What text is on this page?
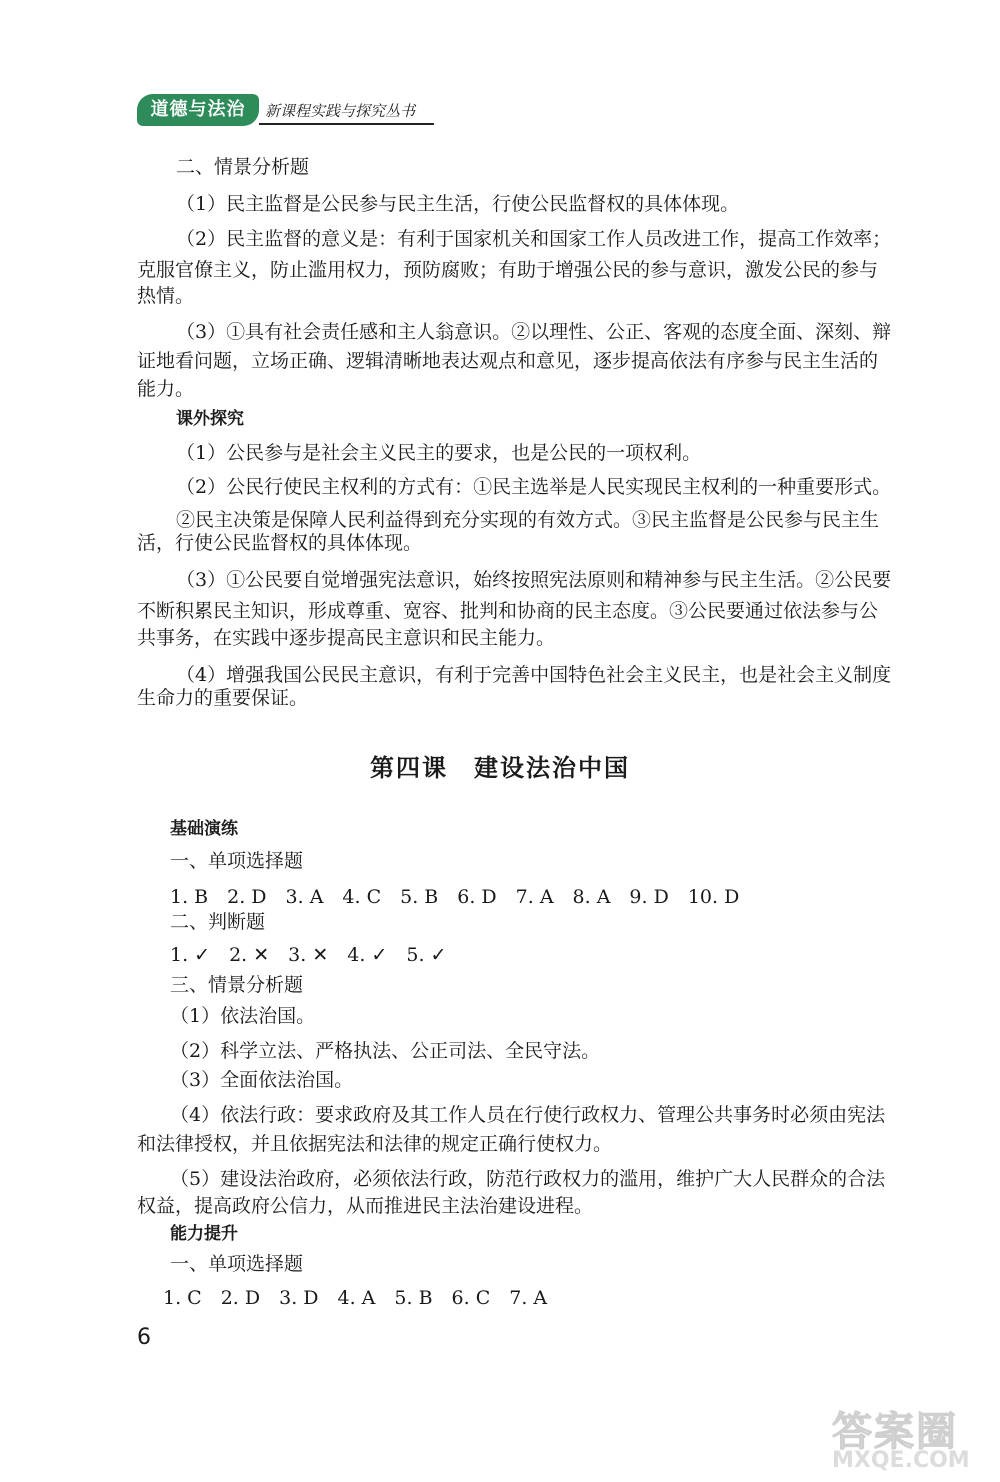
道德与法治	新课程实践与探究丛书
二、情景分析题
（1）民主监督是公民参与民主生活，行使公民监督权的具体体现。
（2）民主监督的意义是：有利于国家机关和国家工作人员改进工作，提高工作效率；
克服官僚主义，防止滥用权力，预防腐败；有助于增强公民的参与意识，激发公民的参与
热情。
（3）①具有社会责任感和主人翁意识。②以理性、公正、客观的态度全面、深刻、辩
证地看问题，立场正确、逻辑清晰地表达观点和意见，逐步提高依法有序参与民主生活的
能力。
课外探究
（1）公民参与是社会主义民主的要求，也是公民的一项权利。
（2）公民行使民主权利的方式有：①民主选举是人民实现民主权利的一种重要形式。
②民主决策是保障人民利益得到充分实现的有效方式。③民主监督是公民参与民主生
活，行使公民监督权的具体体现。
（3）①公民要自觉增强宪法意识，始终按照宪法原则和精神参与民主生活。②公民要
不断积累民主知识，形成尊重、宽容、批判和协商的民主态度。③公民要通过依法参与公
共事务，在实践中逐步提高民主意识和民主能力。
（4）增强我国公民民主意识，有利于完善中国特色社会主义民主，也是社会主义制度
生命力的重要保证。
第四课　建设法治中国
基础演练
一、单项选择题
1. B　2. D　3. A　4. C　5. B　6. D　7. A　8. A　9. D　10. D
二、判断题
1. ✓　2. ✕　3. ✕　4. ✓　5. ✓
三、情景分析题
（1）依法治国。
（2）科学立法、严格执法、公正司法、全民守法。
（3）全面依法治国。
（4）依法行政：要求政府及其工作人员在行使行政权力、管理公共事务时必须由宪法
和法律授权，并且依据宪法和法律的规定正确行使权力。
（5）建设法治政府，必须依法行政，防范行政权力的滥用，维护广大人民群众的合法
权益，提高政府公信力，从而推进民主法治建设进程。
能力提升
一、单项选择题
1. C　2. D　3. D　4. A　5. B　6. C　7. A
6
答案圈
MXQE.COM
